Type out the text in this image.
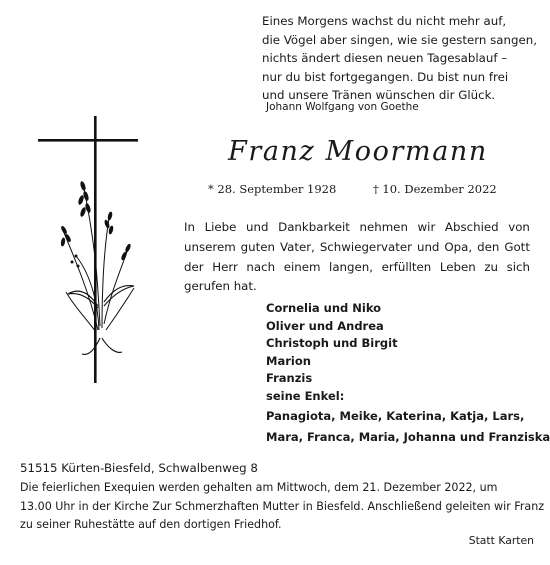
Eines Morgens wachst du nicht mehr auf,
die Vögel aber singen, wie sie gestern sangen,
nichts ändert diesen neuen Tagesablauf –
nur du bist fortgegangen. Du bist nun frei
und unsere Tränen wünschen dir Glück.
Johann Wolfgang von Goethe
Franz Moormann
* 28. September 1928	† 10. Dezember 2022
In Liebe und Dankbarkeit nehmen wir Abschied von
unserem guten Vater, Schwiegervater und Opa, den Gott
der Herr nach einem langen, erfüllten Leben zu sich
gerufen hat.
Cornelia und Niko
Oliver und Andrea
Christoph und Birgit
Marion
Franzis
seine Enkel:
Panagiota, Meike, Katerina, Katja, Lars,
Mara, Franca, Maria, Johanna und Franziska
51515 Kürten-Biesfeld, Schwalbenweg 8
Die feierlichen Exequien werden gehalten am Mittwoch, dem 21. Dezember 2022, um
13.00 Uhr in der Kirche Zur Schmerzhaften Mutter in Biesfeld. Anschließend geleiten wir Franz
zu seiner Ruhestätte auf den dortigen Friedhof.
Statt Karten
